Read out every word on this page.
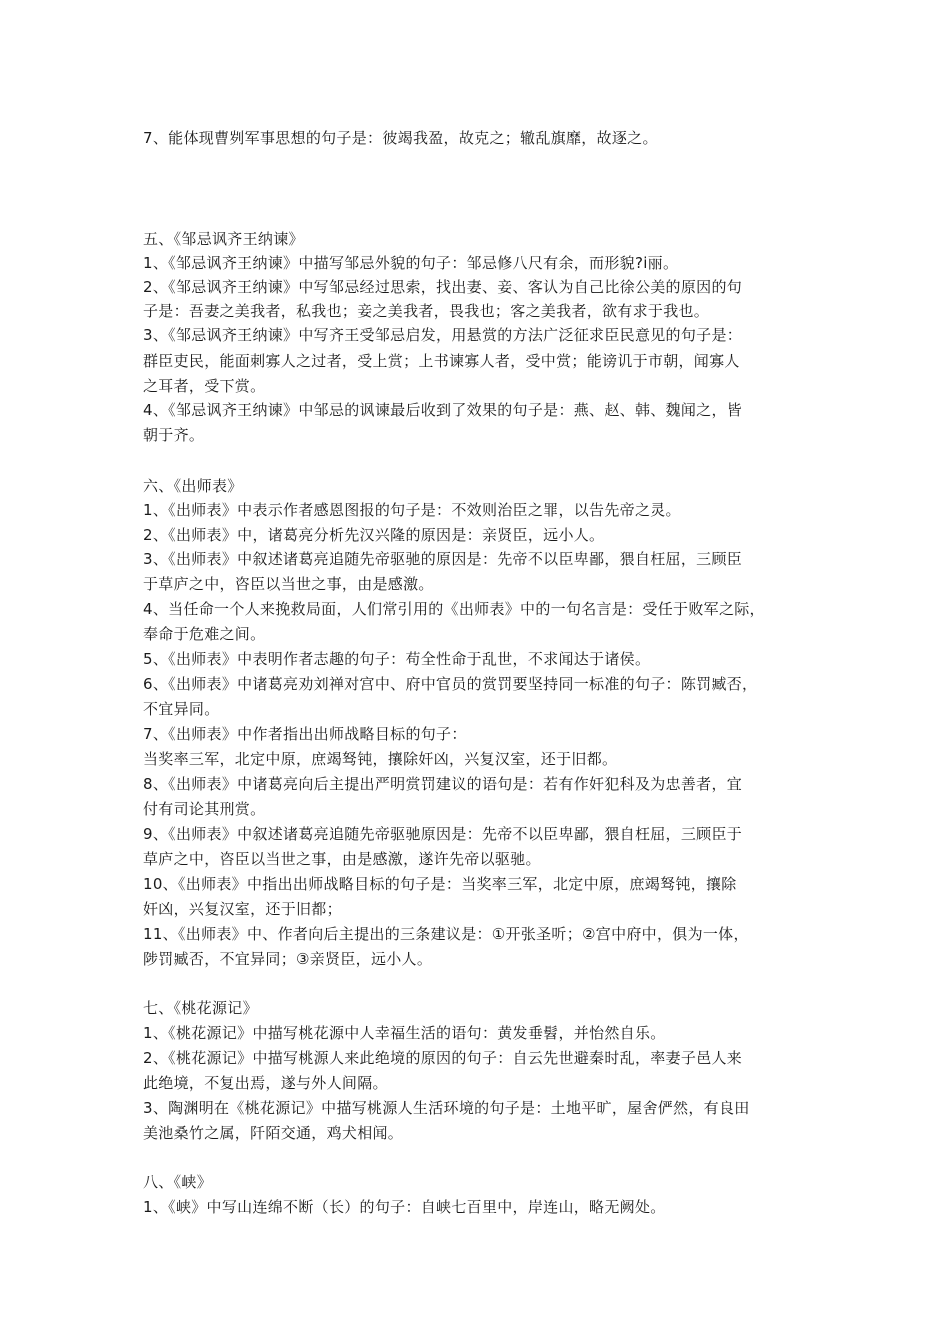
7、能体现曹刿军事思想的句子是：彼竭我盈，故克之；辙乱旗靡，故逐之。
五、《邹忌讽齐王纳谏》
1、《邹忌讽齐王纳谏》中描写邹忌外貌的句子：邹忌修八尺有余，而形貌?i丽。
2、《邹忌讽齐王纳谏》中写邹忌经过思索，找出妻、妾、客认为自己比徐公美的原因的句
子是：吾妻之美我者，私我也；妾之美我者，畏我也；客之美我者，欲有求于我也。
3、《邹忌讽齐王纳谏》中写齐王受邹忌启发，用悬赏的方法广泛征求臣民意见的句子是：
群臣吏民，能面刺寡人之过者，受上赏；上书谏寡人者，受中赏；能谤讥于市朝，闻寡人
之耳者，受下赏。
4、《邹忌讽齐王纳谏》中邹忌的讽谏最后收到了效果的句子是：燕、赵、韩、魏闻之，皆
朝于齐。
六、《出师表》
1、《出师表》中表示作者感恩图报的句子是：不效则治臣之罪，以告先帝之灵。
2、《出师表》中，诸葛亮分析先汉兴隆的原因是：亲贤臣，远小人。
3、《出师表》中叙述诸葛亮追随先帝驱驰的原因是：先帝不以臣卑鄙，猥自枉屈，三顾臣
于草庐之中，咨臣以当世之事，由是感激。
4、当任命一个人来挽救局面，人们常引用的《出师表》中的一句名言是：受任于败军之际，
奉命于危难之间。
5、《出师表》中表明作者志趣的句子：苟全性命于乱世，不求闻达于诸侯。
6、《出师表》中诸葛亮劝刘禅对宫中、府中官员的赏罚要坚持同一标准的句子：陈罚臧否，
不宜异同。
7、《出师表》中作者指出出师战略目标的句子：
当奖率三军，北定中原，庶竭驽钝，攘除奸凶，兴复汉室，还于旧都。
8、《出师表》中诸葛亮向后主提出严明赏罚建议的语句是：若有作奸犯科及为忠善者，宜
付有司论其刑赏。
9、《出师表》中叙述诸葛亮追随先帝驱驰原因是：先帝不以臣卑鄙，猥自枉屈，三顾臣于
草庐之中，咨臣以当世之事，由是感激，遂许先帝以驱驰。
10、《出师表》中指出出师战略目标的句子是：当奖率三军，北定中原，庶竭驽钝，攘除
奸凶，兴复汉室，还于旧都；
11、《出师表》中、作者向后主提出的三条建议是：①开张圣听；②宫中府中，俱为一体，
陟罚臧否，不宜异同；③亲贤臣，远小人。
七、《桃花源记》
1、《桃花源记》中描写桃花源中人幸福生活的语句：黄发垂髫，并怡然自乐。
2、《桃花源记》中描写桃源人来此绝境的原因的句子：自云先世避秦时乱，率妻子邑人来
此绝境，不复出焉，遂与外人间隔。
3、陶渊明在《桃花源记》中描写桃源人生活环境的句子是：土地平旷，屋舍俨然，有良田
美池桑竹之属，阡陌交通，鸡犬相闻。
八、《峡》
1、《峡》中写山连绵不断（长）的句子：自峡七百里中，岸连山，略无阙处。
